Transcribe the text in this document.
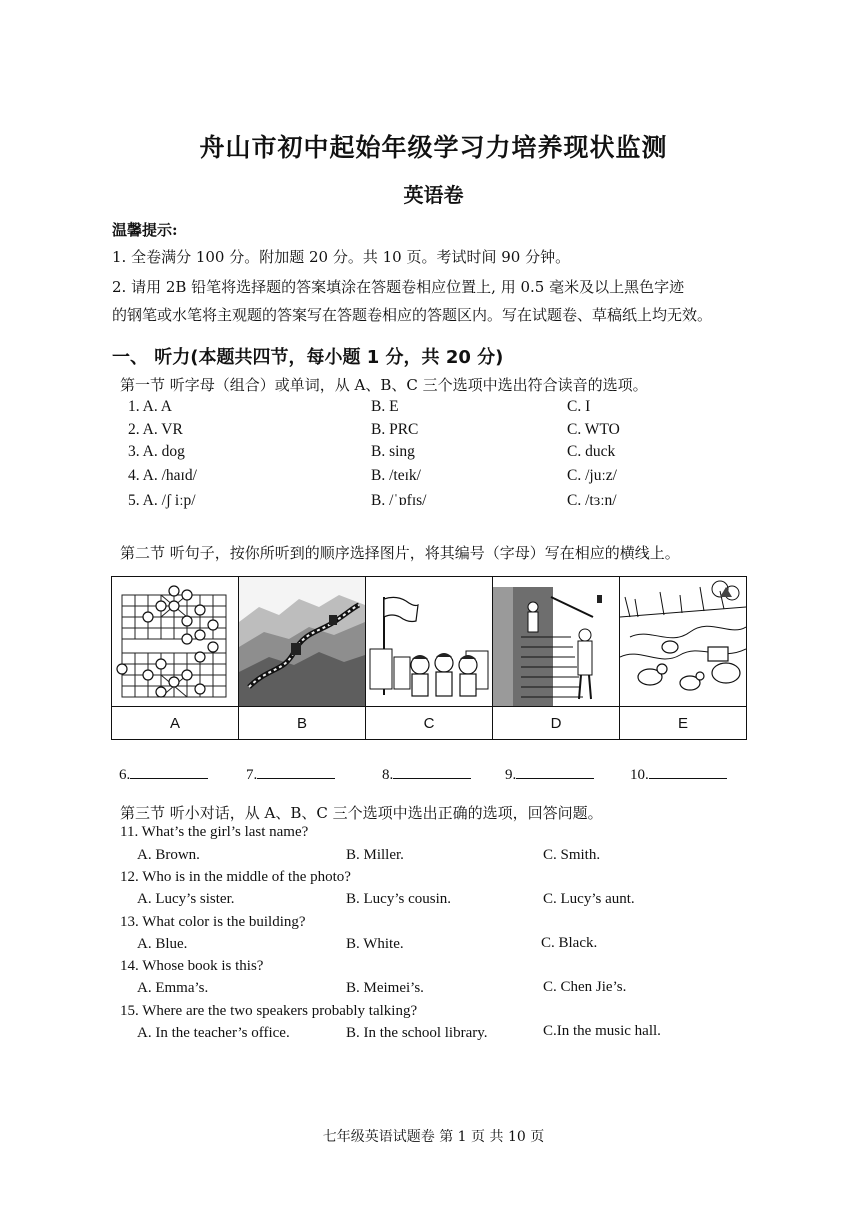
舟山市初中起始年级学习力培养现状监测
英语卷
温馨提示:
1. 全卷满分 100 分。附加题 20 分。共 10 页。考试时间 90 分钟。
2. 请用 2B 铅笔将选择题的答案填涂在答题卷相应位置上, 用 0.5 毫米及以上黑色字迹
的钢笔或水笔将主观题的答案写在答题卷相应的答题区内。写在试题卷、草稿纸上均无效。
一、 听力(本题共四节，每小题 1 分，共 20 分)
第一节 听字母（组合）或单词，从 A、B、C 三个选项中选出符合读音的选项。
1. A. A	B. E	C. I
2. A. VR	B. PRC	C. WTO
3. A. dog	B. sing	C. duck
4. A. /haɪd/	B. /teɪk/	C. /juːz/
5. A. /ʃ iːp/	B. /ˈɒfɪs/	C. /tɜːn/
第二节 听句子，按你所听到的顺序选择图片，将其编号（字母）写在相应的横线上。

A	B	C	D	E
6.	7.	8.	9.	10.
第三节 听小对话，从 A、B、C 三个选项中选出正确的选项，回答问题。
11. What’s the girl’s last name?
A. Brown.	B. Miller.	C. Smith.
12. Who is in the middle of the photo?
A. Lucy’s sister.	B. Lucy’s cousin.	C. Lucy’s aunt.
13. What color is the building?
A. Blue.	B. White.	C. Black.
14. Whose book is this?
A. Emma’s.	B. Meimei’s.	C. Chen Jie’s.
15. Where are the two speakers probably talking?
A. In the teacher’s office.	B. In the school library.	C.In the music hall.
七年级英语试题卷 第 1 页 共 10 页
